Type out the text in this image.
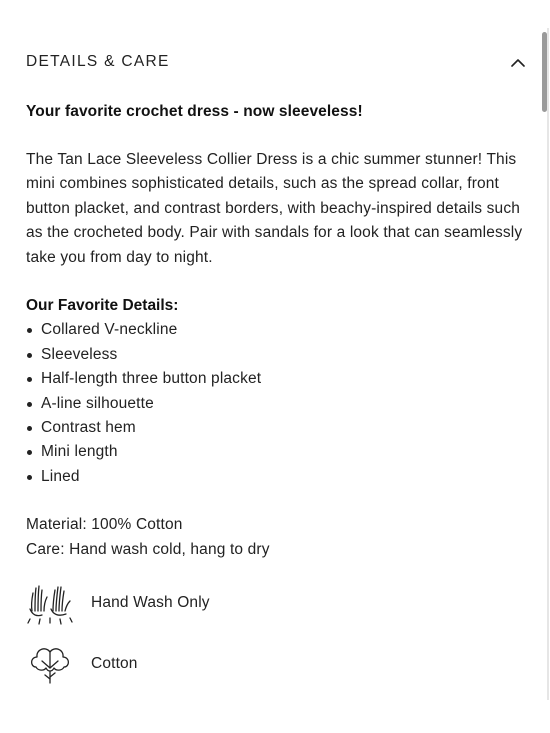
DETAILS & CARE

Your favorite crochet dress - now sleeveless!

The Tan Lace Sleeveless Collier Dress is a chic summer stunner! This mini combines sophisticated details, such as the spread collar, front button placket, and contrast borders, with beachy-inspired details such as the crocheted body. Pair with sandals for a look that can seamlessly take you from day to night.
Our Favorite Details:
Collared V-neckline
Sleeveless
Half-length three button placket
A-line silhouette
Contrast hem
Mini length
Lined
Material: 100% Cotton
Care: Hand wash cold, hang to dry
Hand Wash Only
Cotton
